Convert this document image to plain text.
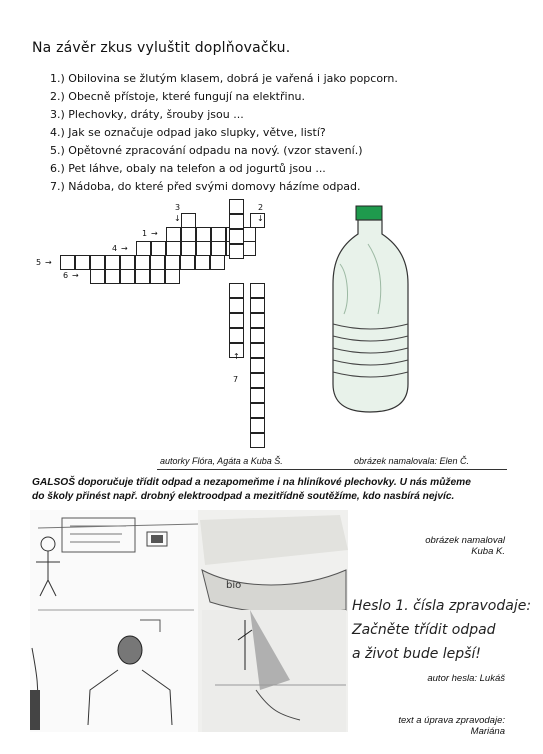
Na závěr zkus vyluštit doplňovačku.
1.) Obilovina se žlutým klasem, dobrá je vařená i jako popcorn.
2.) Obecně přístoje, které fungují na elektřinu.
3.) Plechovky, dráty, šrouby jsou ...
4.) Jak se označuje odpad jako slupky, větve, listí?
5.) Opětovné zpracování odpadu na nový. (vzor stavení.)
6.) Pet láhve, obaly na telefon a od jogurtů jsou ...
7.) Nádoba, do které před svými domovy házíme odpad.
3
↓
2
↓
1 →
4 →
5 →
6 →
↑
7
autorky Flóra, Agáta a Kuba Š.	obrázek namalovala: Elen Č.
GALSOŠ doporučuje třídit odpad a nezapomeňme i na hliníkové plechovky. U nás můžeme
do školy přinést např. drobný elektroodpad a mezitřídně soutěžíme, kdo nasbírá nejvíc.
bio
obrázek namaloval
Kuba K.
Heslo 1. čísla zpravodaje:
Začněte třídit odpad
a život bude lepší!
autor hesla: Lukáš
text a úprava zpravodaje:
Mariána
